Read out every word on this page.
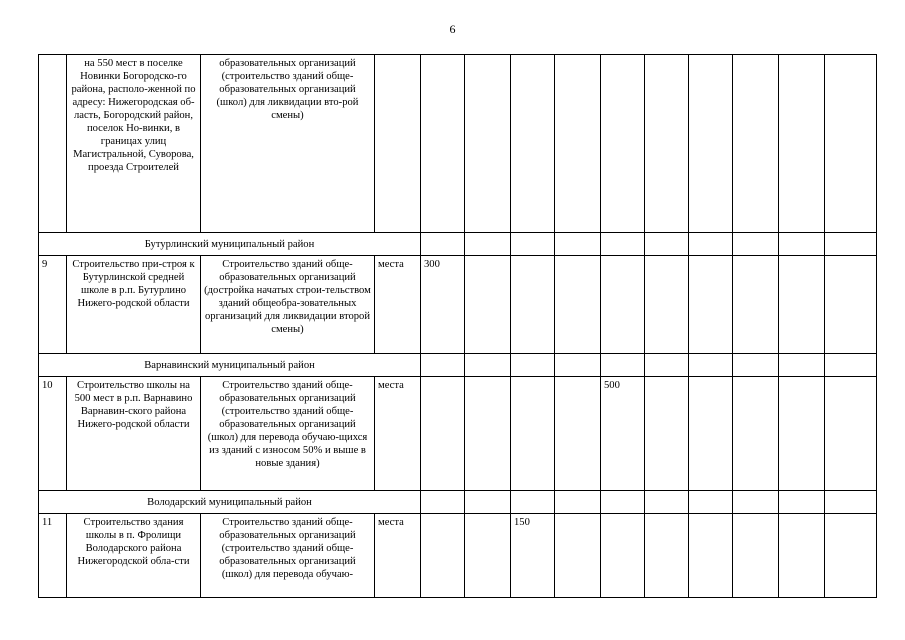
6
	на 550 мест в поселке Новинки Богородско-го района, располо-женной по адресу: Нижегородская об-ласть, Богородский район, поселок Но-винки, в границах улиц Магистральной, Суворова, проезда Строителей	образовательных организаций (строительство зданий обще-образовательных организаций (школ) для ликвидации вто-рой смены)											
Бутурлинский муниципальный район													
9	Строительство при-строя к Бутурлинской средней школе в р.п. Бутурлино Нижего-родской области	Строительство зданий обще-образовательных организаций (достройка начатых строи-тельством зданий общеобра-зовательных организаций для ликвидации второй смены)	места	300									
Варнавинский муниципальный район													
10	Строительство школы на 500 мест в р.п. Варнавино Варнавин-ского района Нижего-родской области	Строительство зданий обще-образовательных организаций (строительство зданий обще-образовательных организаций (школ) для перевода обучаю-щихся из зданий с износом 50% и выше в новые здания)	места					500					
Володарский муниципальный район													
11	Строительство здания школы в п. Фролищи Володарского района Нижегородской обла-сти	Строительство зданий обще-образовательных организаций (строительство зданий обще-образовательных организаций (школ) для перевода обучаю-	места			150							
